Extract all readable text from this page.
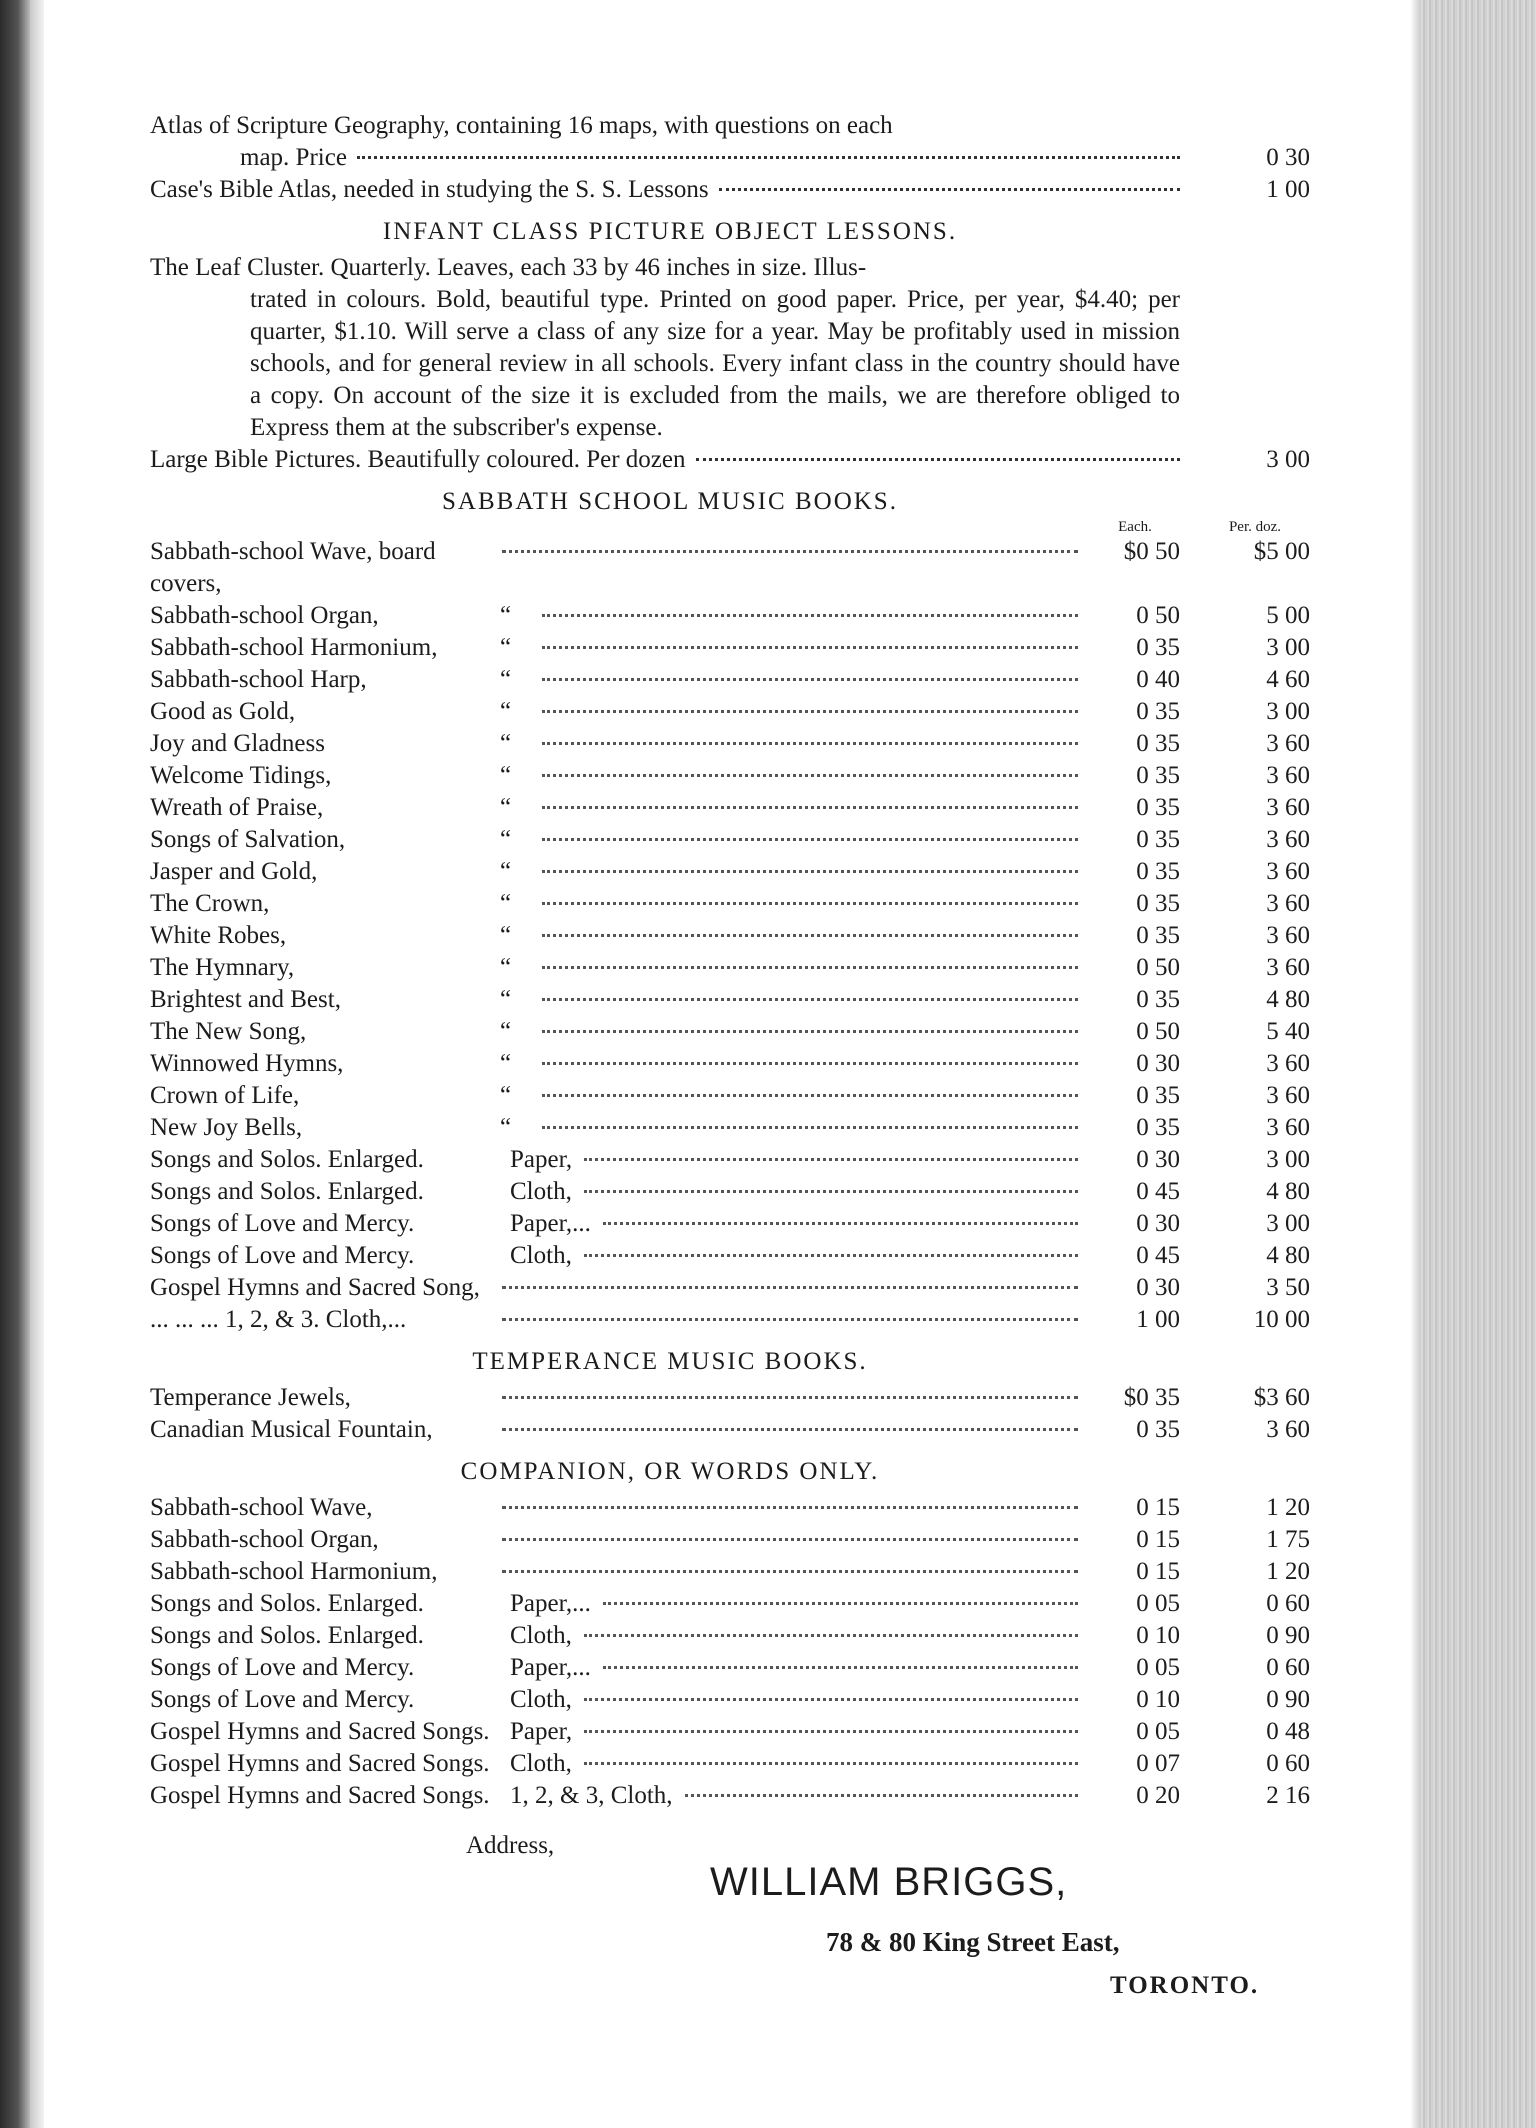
Atlas of Scripture Geography, containing 16 maps, with questions on each
map. Price	0 30
Case's Bible Atlas, needed in studying the S. S. Lessons	1 00
INFANT CLASS PICTURE OBJECT LESSONS.
The Leaf Cluster. Quarterly. Leaves, each 33 by 46 inches in size. Illus-
trated in colours. Bold, beautiful type. Printed on good paper. Price, per year, $4.40; per quarter, $1.10. Will serve a class of any size for a year. May be profitably used in mission schools, and for general review in all schools. Every infant class in the country should have a copy. On account of the size it is excluded from the mails, we are therefore obliged to Express them at the subscriber's expense.
Large Bible Pictures. Beautifully coloured. Per dozen	3 00
SABBATH SCHOOL MUSIC BOOKS.
Each.	Per. doz.
Sabbath-school Wave, board covers,
$0 50	$5 00
Sabbath-school Organ,	“	0 50	5 00
Sabbath-school Harmonium,	“	0 35	3 00
Sabbath-school Harp,	“	0 40	4 60
Good as Gold,	“	0 35	3 00
Joy and Gladness	“	0 35	3 60
Welcome Tidings,	“	0 35	3 60
Wreath of Praise,	“	0 35	3 60
Songs of Salvation,	“	0 35	3 60
Jasper and Gold,	“	0 35	3 60
The Crown,	“	0 35	3 60
White Robes,	“	0 35	3 60
The Hymnary,	“	0 50	3 60
Brightest and Best,	“	0 35	4 80
The New Song,	“	0 50	5 40
Winnowed Hymns,	“	0 30	3 60
Crown of Life,	“	0 35	3 60
New Joy Bells,	“	0 35	3 60
Songs and Solos. Enlarged.	Paper,	0 30	3 00
Songs and Solos. Enlarged.	Cloth,	0 45	4 80
Songs of Love and Mercy.	Paper,...	0 30	3 00
Songs of Love and Mercy.	Cloth,	0 45	4 80
Gospel Hymns and Sacred Song,	0 30	3 50
... ... ... 1, 2, & 3. Cloth,...	1 00	10 00
TEMPERANCE MUSIC BOOKS.
Temperance Jewels,	$0 35	$3 60
Canadian Musical Fountain,	0 35	3 60
COMPANION, OR WORDS ONLY.
Sabbath-school Wave,	0 15	1 20
Sabbath-school Organ,	0 15	1 75
Sabbath-school Harmonium,	0 15	1 20
Songs and Solos. Enlarged.	Paper,...	0 05	0 60
Songs and Solos. Enlarged.	Cloth,	0 10	0 90
Songs of Love and Mercy.	Paper,...	0 05	0 60
Songs of Love and Mercy.	Cloth,	0 10	0 90
Gospel Hymns and Sacred Songs. Paper,	0 05	0 48
Gospel Hymns and Sacred Songs. Cloth,	0 07	0 60
Gospel Hymns and Sacred Songs. 1, 2, & 3, Cloth,	0 20	2 16
Address,
WILLIAM BRIGGS,
78 & 80 King Street East,
TORONTO.
